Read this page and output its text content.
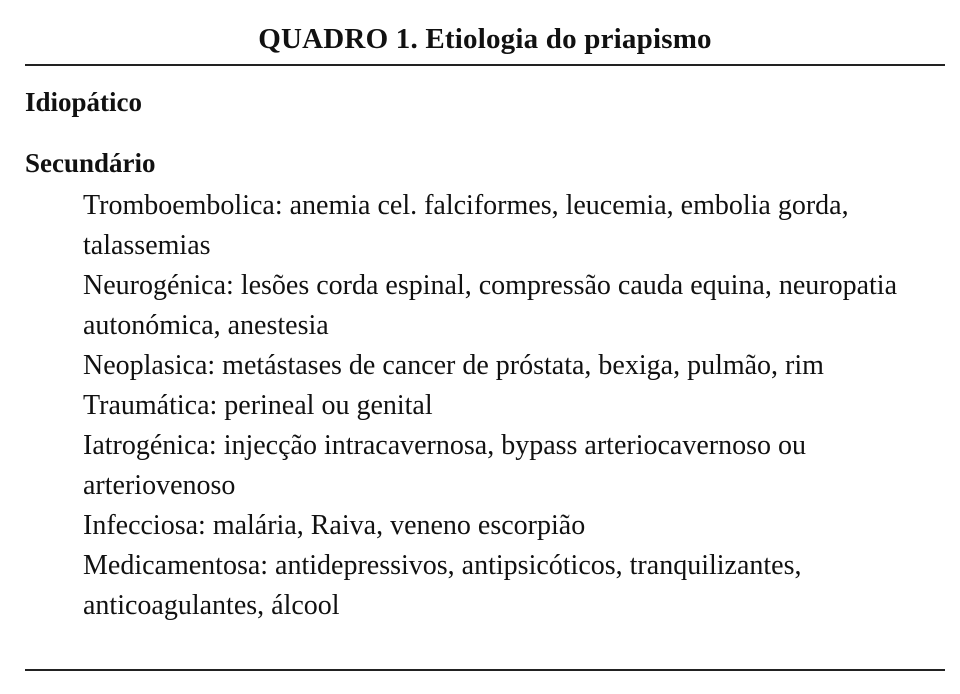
QUADRO 1. Etiologia do priapismo
Idiopático
Secundário
Tromboembolica: anemia cel. falciformes, leucemia, embolia gorda, talassemias
Neurogénica: lesões corda espinal, compressão cauda equina, neuropatia autonómica, anestesia
Neoplasica: metástases de cancer de próstata, bexiga, pulmão, rim
Traumática: perineal ou genital
Iatrogénica: injecção intracavernosa, bypass arteriocavernoso ou arteriovenoso
Infecciosa: malária, Raiva, veneno escorpião
Medicamentosa: antidepressivos, antipsicóticos, tranquilizantes, anticoagulantes, álcool
